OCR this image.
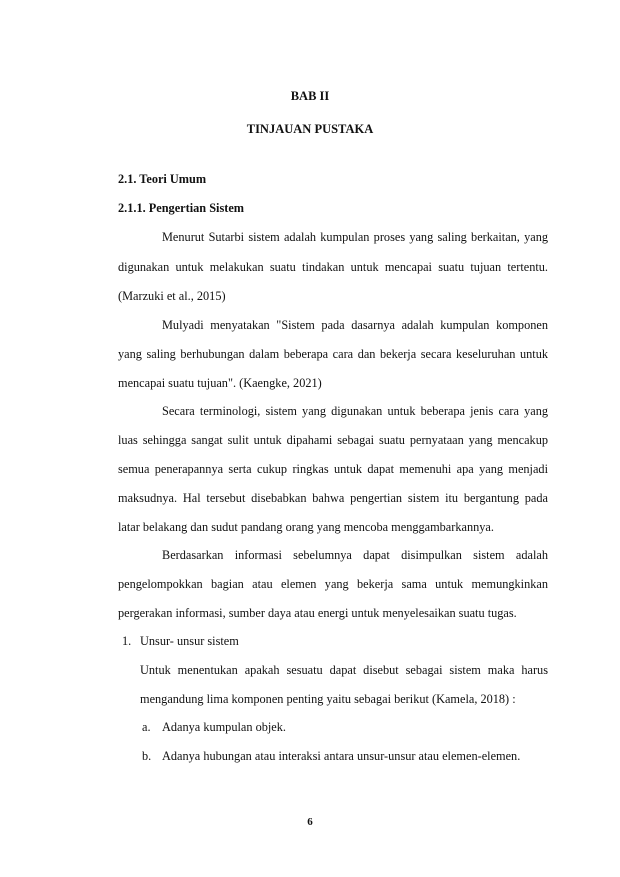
BAB II
TINJAUAN PUSTAKA
2.1. Teori Umum
2.1.1. Pengertian Sistem
Menurut Sutarbi sistem adalah kumpulan proses yang saling berkaitan, yang
digunakan untuk melakukan suatu tindakan untuk mencapai suatu tujuan tertentu.
(Marzuki et al., 2015)
Mulyadi menyatakan "Sistem pada dasarnya adalah kumpulan komponen
yang saling berhubungan dalam beberapa cara dan bekerja secara keseluruhan untuk
mencapai suatu tujuan". (Kaengke, 2021)
Secara terminologi, sistem yang digunakan untuk beberapa jenis cara yang
luas sehingga sangat sulit untuk dipahami sebagai suatu pernyataan yang mencakup
semua penerapannya serta cukup ringkas untuk dapat memenuhi apa yang menjadi
maksudnya. Hal tersebut disebabkan bahwa pengertian sistem itu bergantung pada
latar belakang dan sudut pandang orang yang mencoba menggambarkannya.
Berdasarkan informasi sebelumnya dapat disimpulkan sistem adalah
pengelompokkan bagian atau elemen yang bekerja sama untuk memungkinkan
pergerakan informasi, sumber daya atau energi untuk menyelesaikan suatu tugas.
1. Unsur- unsur sistem
Untuk menentukan apakah sesuatu dapat disebut sebagai sistem maka harus
mengandung lima komponen penting yaitu sebagai berikut (Kamela, 2018) :
a. Adanya kumpulan objek.
b. Adanya hubungan atau interaksi antara unsur-unsur atau elemen-elemen.
6
